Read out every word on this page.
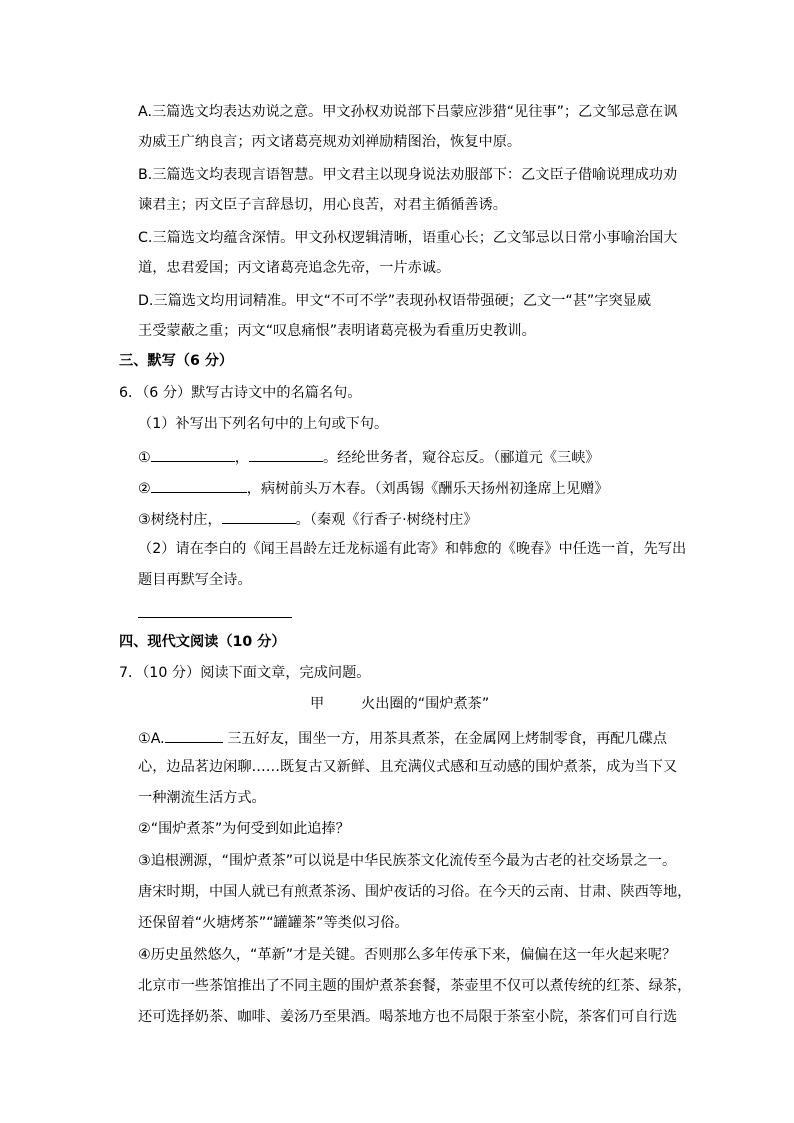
A.三篇选文均表达劝说之意。甲文孙权劝说部下吕蒙应涉猎“见往事”；乙文邹忌意在讽
劝威王广纳良言；丙文诸葛亮规劝刘禅励精图治，恢复中原。
B.三篇选文均表现言语智慧。甲文君主以现身说法劝服部下：乙文臣子借喻说理成功劝
谏君主；丙文臣子言辞恳切，用心良苦，对君主循循善诱。
C.三篇选文均蕴含深情。甲文孙权逻辑清晰，语重心长；乙文邹忌以日常小事喻治国大
道，忠君爱国；丙文诸葛亮追念先帝，一片赤诚。
D.三篇选文均用词精准。甲文“不可不学”表现孙权语带强硬；乙文一“甚”字突显威
王受蒙蔽之重；丙文“叹息痛恨”表明诸葛亮极为看重历史教训。
三、默写（6 分）
6．（6 分）默写古诗文中的名篇名句。
（1）补写出下列名句中的上句或下句。
①	，	。经纶世务者，窥谷忘反。（郦道元《三峡》
②	，病树前头万木春。（刘禹锡《酬乐天扬州初逢席上见赠》
③树绕村庄，	。（秦观《行香子·树绕村庄》
（2）请在李白的《闻王昌龄左迁龙标遥有此寄》和韩愈的《晚春》中任选一首，先写出
题目再默写全诗。
四、现代文阅读（10 分）
7．（10 分）阅读下面文章，完成问题。
甲	火出圈的“围炉煮茶”
①A.	三五好友，围坐一方，用茶具煮茶，在金属网上烤制零食，再配几碟点
心，边品茗边闲聊……既复古又新鲜、且充满仪式感和互动感的围炉煮茶，成为当下又
一种潮流生活方式。
②“围炉煮茶”为何受到如此追捧？
③追根溯源，“围炉煮茶”可以说是中华民族茶文化流传至今最为古老的社交场景之一。
唐宋时期，中国人就已有煎煮茶汤、围炉夜话的习俗。在今天的云南、甘肃、陕西等地，
还保留着“火塘烤茶”“罐罐茶”等类似习俗。
④历史虽然悠久，“革新”才是关键。否则那么多年传承下来，偏偏在这一年火起来呢？
北京市一些茶馆推出了不同主题的围炉煮茶套餐，茶壶里不仅可以煮传统的红茶、绿茶，
还可选择奶茶、咖啡、姜汤乃至果酒。喝茶地方也不局限于茶室小院，茶客们可自行选
